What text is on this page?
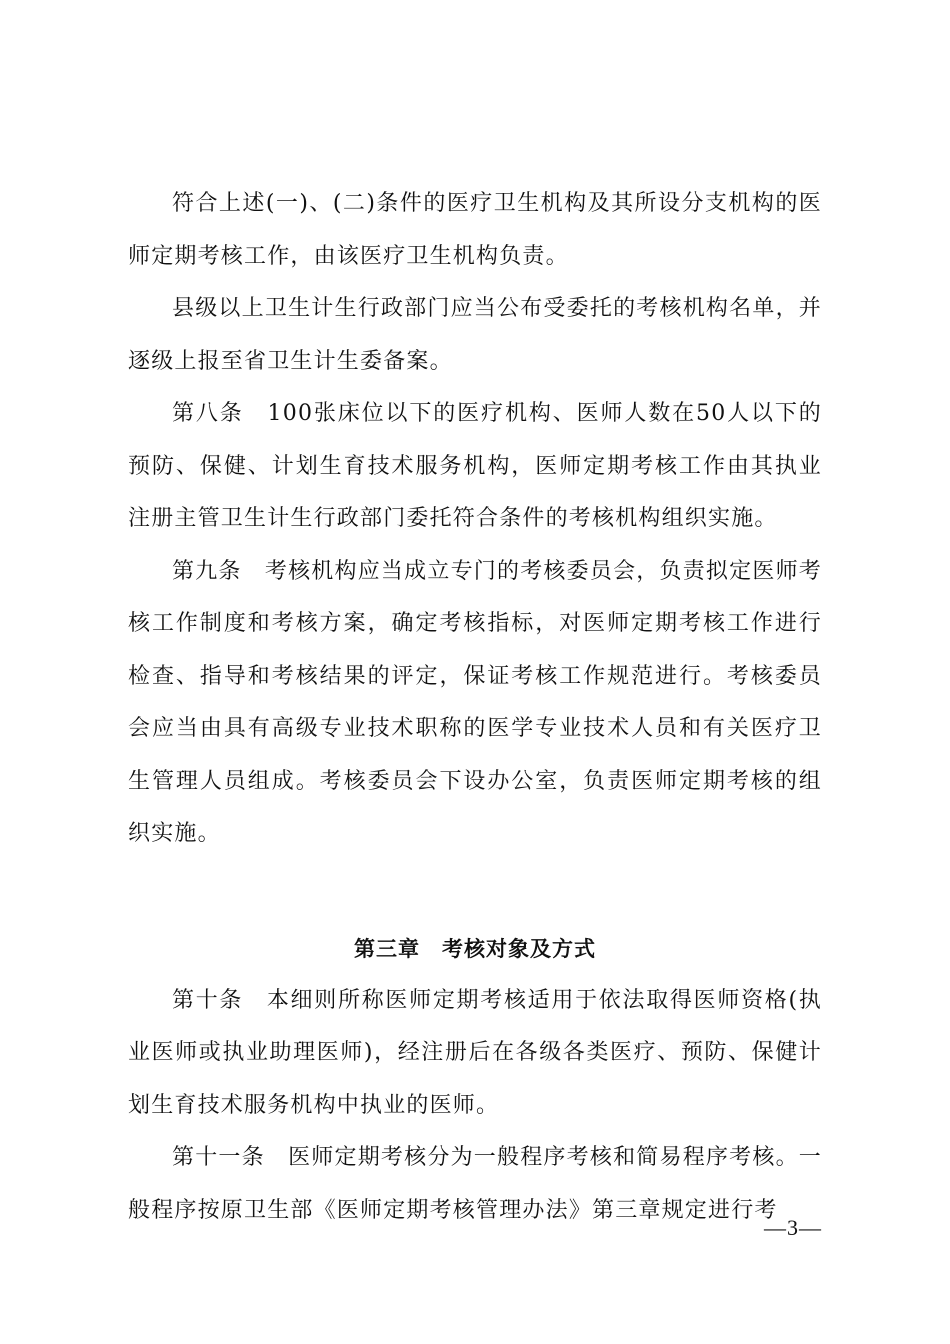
符合上述(一)、(二)条件的医疗卫生机构及其所设分支机构的医师定期考核工作，由该医疗卫生机构负责。

县级以上卫生计生行政部门应当公布受委托的考核机构名单，并逐级上报至省卫生计生委备案。

第八条　100张床位以下的医疗机构、医师人数在50人以下的预防、保健、计划生育技术服务机构，医师定期考核工作由其执业注册主管卫生计生行政部门委托符合条件的考核机构组织实施。

第九条　考核机构应当成立专门的考核委员会，负责拟定医师考核工作制度和考核方案，确定考核指标，对医师定期考核工作进行检查、指导和考核结果的评定，保证考核工作规范进行。考核委员会应当由具有高级专业技术职称的医学专业技术人员和有关医疗卫生管理人员组成。考核委员会下设办公室，负责医师定期考核的组织实施。

第三章　考核对象及方式

第十条　本细则所称医师定期考核适用于依法取得医师资格(执业医师或执业助理医师)，经注册后在各级各类医疗、预防、保健计划生育技术服务机构中执业的医师。

第十一条　医师定期考核分为一般程序考核和简易程序考核。一般程序按原卫生部《医师定期考核管理办法》第三章规定进行考

—3—
